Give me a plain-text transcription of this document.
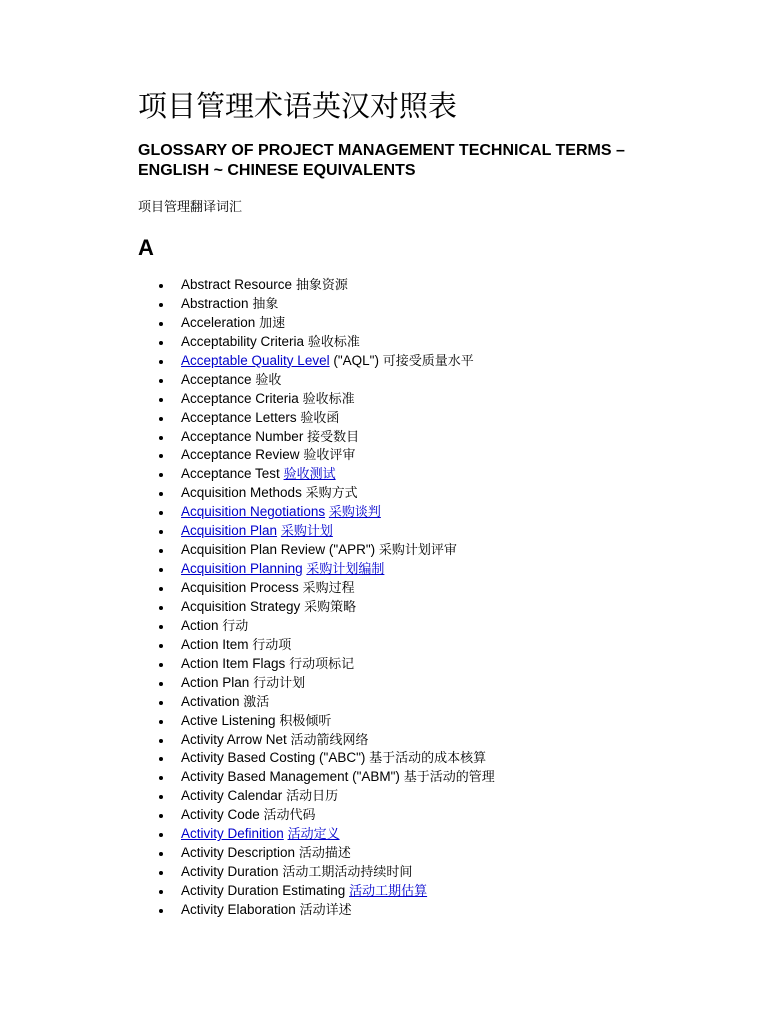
项目管理术语英汉对照表
GLOSSARY OF PROJECT MANAGEMENT TECHNICAL TERMS – ENGLISH ~ CHINESE EQUIVALENTS

项目管理翻译词汇

A
Abstract Resource 抽象资源
Abstraction 抽象
Acceleration 加速
Acceptability Criteria 验收标准
Acceptable Quality Level ("AQL") 可接受质量水平
Acceptance 验收
Acceptance Criteria 验收标准
Acceptance Letters 验收函
Acceptance Number 接受数目
Acceptance Review 验收评审
Acceptance Test 验收测试
Acquisition Methods 采购方式
Acquisition Negotiations 采购谈判
Acquisition Plan 采购计划
Acquisition Plan Review ("APR") 采购计划评审
Acquisition Planning 采购计划编制
Acquisition Process 采购过程
Acquisition Strategy 采购策略
Action 行动
Action Item 行动项
Action Item Flags 行动项标记
Action Plan 行动计划
Activation 激活
Active Listening 积极倾听
Activity Arrow Net 活动箭线网络
Activity Based Costing ("ABC") 基于活动的成本核算
Activity Based Management ("ABM") 基于活动的管理
Activity Calendar 活动日历
Activity Code 活动代码
Activity Definition 活动定义
Activity Description 活动描述
Activity Duration 活动工期活动持续时间
Activity Duration Estimating 活动工期估算
Activity Elaboration 活动详述
